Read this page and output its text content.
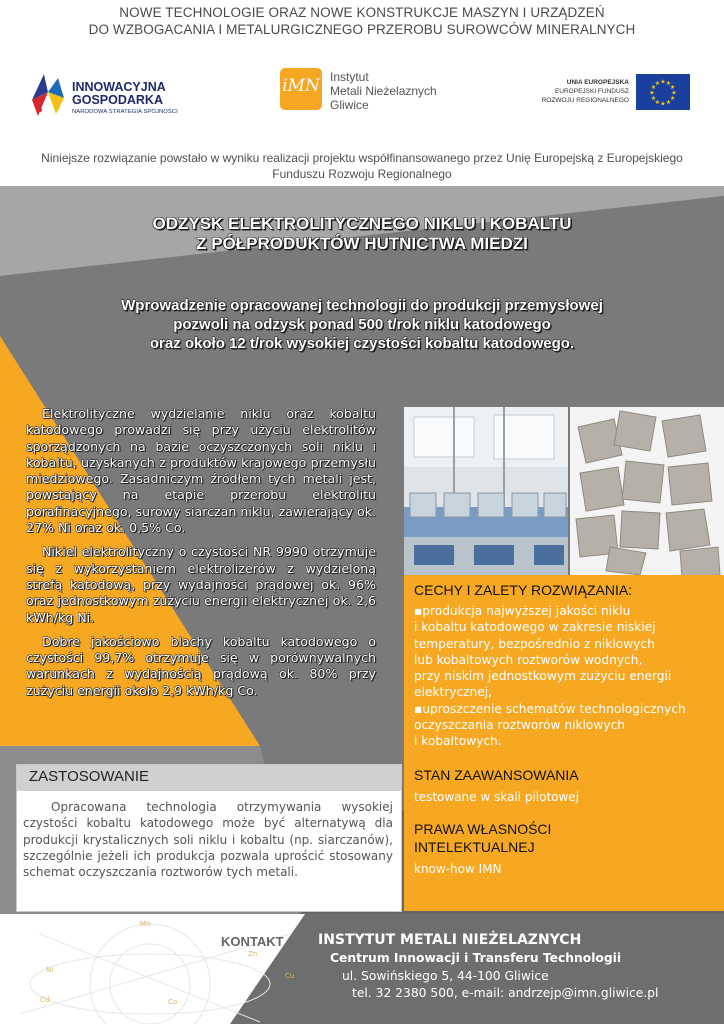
NOWE TECHNOLOGIE ORAZ NOWE KONSTRUKCJE MASZYN I URZĄDZEŃ
DO WZBOGACANIA I METALURGICZNEGO PRZEROBU SUROWCÓW MINERALNYCH
INNOWACYJNA
GOSPODARKA
NARODOWA STRATEGIA SPÓJNOŚCI
iMN Instytut
Metali Nieżelaznych
Gliwice
UNIA EUROPEJSKA
EUROPEJSKI FUNDUSZ
ROZWOJU REGIONALNEGO
★
★
★
★
★
★
★
★
★ ★ ★
★
Niniejsze rozwiązanie powstało w wyniku realizacji projektu współfinansowanego przez Unię Europejską z Europejskiego
Funduszu Rozwoju Regionalnego
ODZYSK ELEKTROLITYCZNEGO NIKLU I KOBALTU
Z PÓŁPRODUKTÓW HUTNICTWA MIEDZI
Wprowadzenie opracowanej technologii do produkcji przemysłowej
pozwoli na odzysk ponad 500 t/rok niklu katodowego
oraz około 12 t/rok wysokiej czystości kobaltu katodowego.

Elektrolityczne wydzielanie niklu oraz kobaltu katodowego prowadzi się przy użyciu elektrolitów sporządzonych na bazie oczyszczonych soli niklu i kobaltu, uzyskanych z produktów krajowego przemysłu miedziowego. Zasadniczym źródłem tych metali jest, powstający na etapie przerobu elektrolitu porafinacyjnego, surowy siarczan niklu, zawierający ok. 27% Ni oraz ok. 0,5% Co.

Nikiel elektrolityczny o czystości NR 9990 otrzymuje się z wykorzystaniem elektrolizerów z wydzieloną strefą katodową, przy wydajności prądowej ok. 96% oraz jednostkowym zużyciu energii elektrycznej ok. 2,6 kWh/kg Ni.

Dobre jakościowo blachy kobaltu katodowego o czystości 99,7% otrzymuje się w porównywalnych warunkach z wydajnością prądową ok. 80% przy zużyciu energii około 2,9 kWh/kg Co.

CECHY I ZALETY ROZWIĄZANIA:
▪produkcja najwyższej jakości niklu
i kobaltu katodowego w zakresie niskiej
temperatury, bezpośrednio z niklowych
lub kobaltowych roztworów wodnych,
przy niskim jednostkowym zużyciu energii
elektrycznej,
▪uproszczenie schematów technologicznych
oczyszczania roztworów niklowych
i kobaltowych.
STAN ZAAWANSOWANIA
testowane w skali pilotowej
PRAWA WŁASNOŚCI
INTELEKTUALNEJ
know-how IMN
ZASTOSOWANIE
Opracowana technologia otrzymywania wysokiej czystości kobaltu katodowego może być alternatywą dla produkcji krystalicznych soli niklu i kobaltu (np. siarczanów), szczególnie jeżeli ich produkcja pozwala uprościć stosowany schemat oczyszczania roztworów tych metali.
Mn
Cu
Zn
Ni
Cd	Co
KONTAKT INSTYTUT METALI NIEŻELAZNYCH
Centrum Innowacji i Transferu Technologii
ul. Sowińskiego 5, 44-100 Gliwice
tel. 32 2380 500, e-mail: andrzejp@imn.gliwice.pl
